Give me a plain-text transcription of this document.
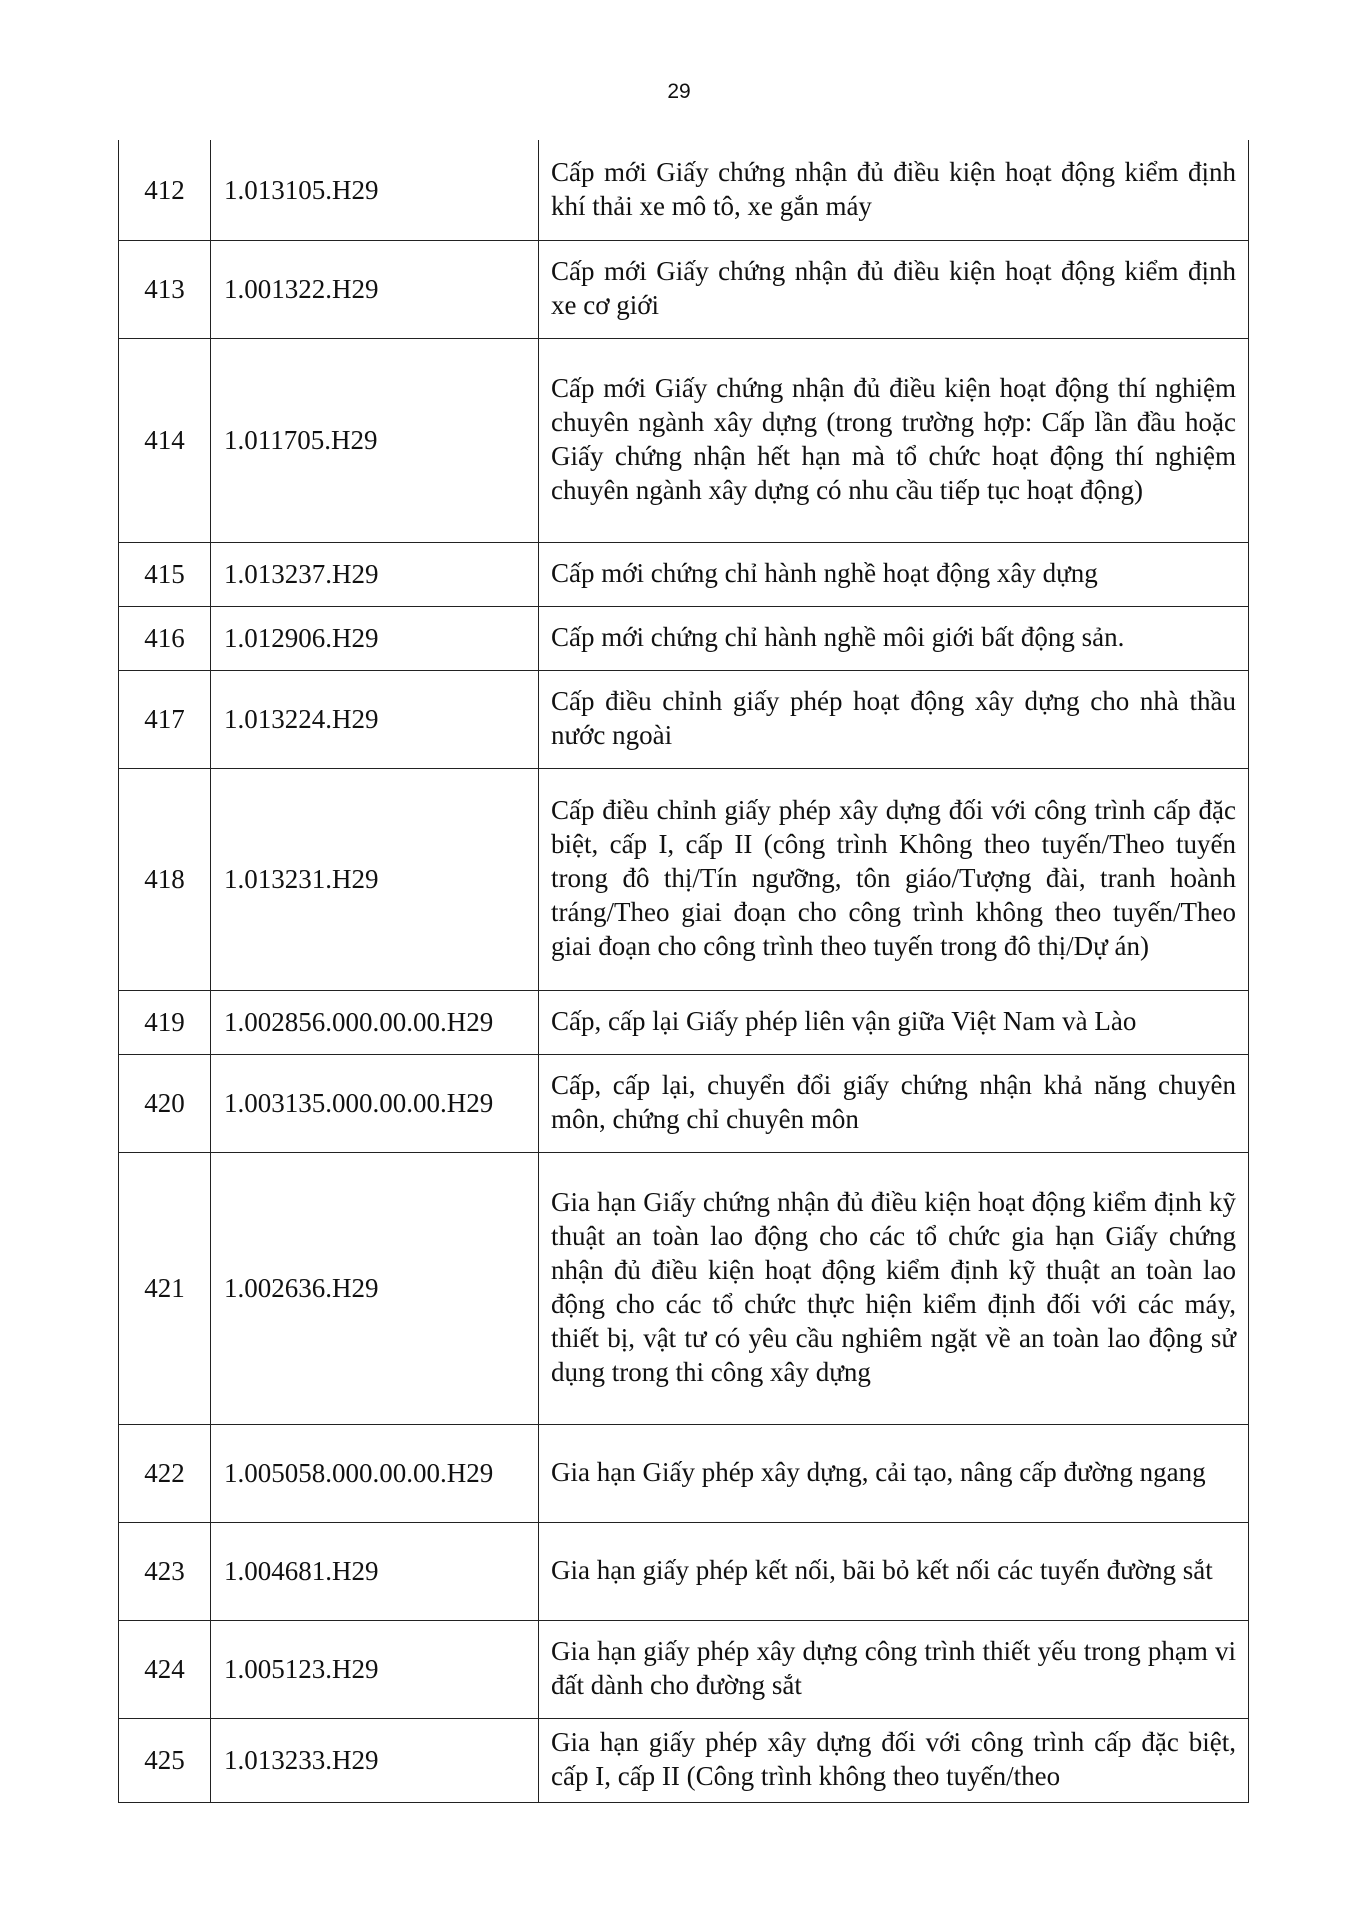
29
412	1.013105.H29	Cấp mới Giấy chứng nhận đủ điều kiện hoạt động kiểm định khí thải xe mô tô, xe gắn máy
413	1.001322.H29	Cấp mới Giấy chứng nhận đủ điều kiện hoạt động kiểm định xe cơ giới
414	1.011705.H29	Cấp mới Giấy chứng nhận đủ điều kiện hoạt động thí nghiệm chuyên ngành xây dựng (trong trường hợp: Cấp lần đầu hoặc Giấy chứng nhận hết hạn mà tổ chức hoạt động thí nghiệm chuyên ngành xây dựng có nhu cầu tiếp tục hoạt động)
415	1.013237.H29	Cấp mới chứng chỉ hành nghề hoạt động xây dựng
416	1.012906.H29	Cấp mới chứng chỉ hành nghề môi giới bất động sản.
417	1.013224.H29	Cấp điều chỉnh giấy phép hoạt động xây dựng cho nhà thầu nước ngoài
418	1.013231.H29	Cấp điều chỉnh giấy phép xây dựng đối với công trình cấp đặc biệt, cấp I, cấp II (công trình Không theo tuyến/Theo tuyến trong đô thị/Tín ngưỡng, tôn giáo/Tượng đài, tranh hoành tráng/Theo giai đoạn cho công trình không theo tuyến/Theo giai đoạn cho công trình theo tuyến trong đô thị/Dự án)
419	1.002856.000.00.00.H29	Cấp, cấp lại Giấy phép liên vận giữa Việt Nam và Lào
420	1.003135.000.00.00.H29	Cấp, cấp lại, chuyển đổi giấy chứng nhận khả năng chuyên môn, chứng chỉ chuyên môn
421	1.002636.H29	Gia hạn Giấy chứng nhận đủ điều kiện hoạt động kiểm định kỹ thuật an toàn lao động cho các tổ chức gia hạn Giấy chứng nhận đủ điều kiện hoạt động kiểm định kỹ thuật an toàn lao động cho các tổ chức thực hiện kiểm định đối với các máy, thiết bị, vật tư có yêu cầu nghiêm ngặt về an toàn lao động sử dụng trong thi công xây dựng
422	1.005058.000.00.00.H29	Gia hạn Giấy phép xây dựng, cải tạo, nâng cấp đường ngang
423	1.004681.H29	Gia hạn giấy phép kết nối, bãi bỏ kết nối các tuyến đường sắt
424	1.005123.H29	Gia hạn giấy phép xây dựng công trình thiết yếu trong phạm vi đất dành cho đường sắt
425	1.013233.H29	Gia hạn giấy phép xây dựng đối với công trình cấp đặc biệt, cấp I, cấp II (Công trình không theo tuyến/theo
